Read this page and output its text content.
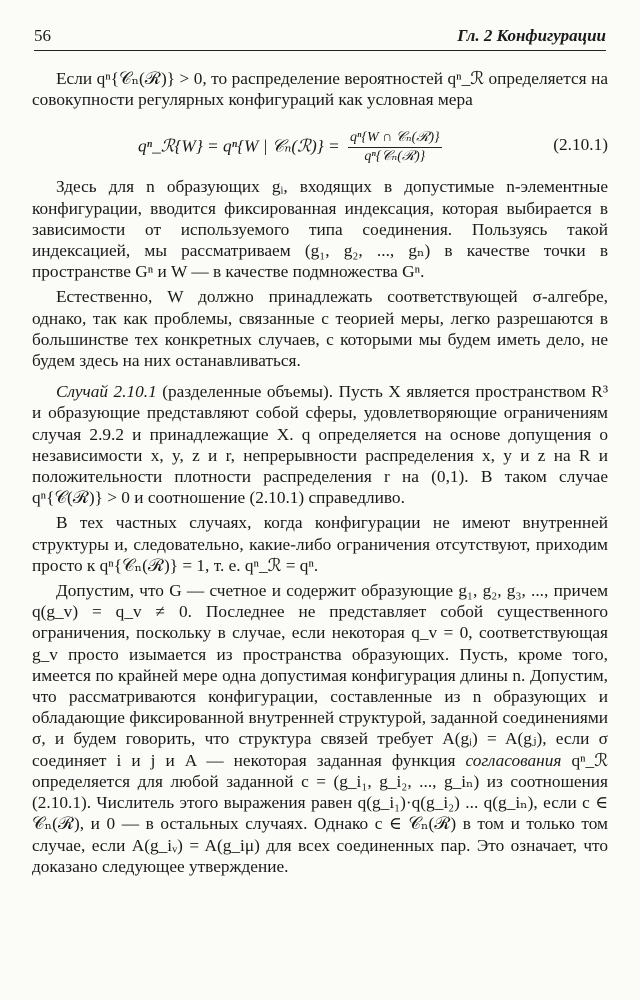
56	Гл. 2 Конфигурации

Если qⁿ{𝒞ₙ(ℛ)} > 0, то распределение вероятностей qⁿ_ℛ определяется на совокупности регулярных конфигураций как условная мера

qⁿ_ℛ{W} = qⁿ{W | 𝒞ₙ(ℛ)} = $\frac{\text{qⁿ\{W ∩ 𝒞ₙ(ℛ)\}}}{\text{qⁿ\{𝒞ₙ(ℛ)\}}}$	(2.10.1)

Здесь для n образующих gᵢ, входящих в допустимые n-элементные конфигурации, вводится фиксированная индексация, которая выбирается в зависимости от используемого типа соединения. Пользуясь такой индексацией, мы рассматриваем (g₁, g₂, ..., gₙ) в качестве точки в пространстве Gⁿ и W — в качестве подмножества Gⁿ.

Естественно, W должно принадлежать соответствующей σ-алгебре, однако, так как проблемы, связанные с теорией меры, легко разрешаются в большинстве тех конкретных случаев, с которыми мы будем иметь дело, не будем здесь на них останавливаться.

Случай 2.10.1 (разделенные объемы). Пусть X является пространством R³ и образующие представляют собой сферы, удовлетворяющие ограничениям случая 2.9.2 и принадлежащие X. q определяется на основе допущения о независимости x, y, z и r, непрерывности распределения x, y и z на R и положительности плотности распределения r на (0,1). В таком случае qⁿ{𝒞(ℛ)} > 0 и соотношение (2.10.1) справедливо.

В тех частных случаях, когда конфигурации не имеют внутренней структуры и, следовательно, какие-либо ограничения отсутствуют, приходим просто к qⁿ{𝒞ₙ(ℛ)} = 1, т. е. qⁿ_ℛ = qⁿ.

Допустим, что G — счетное и содержит образующие g₁, g₂, g₃, ..., причем q(g_v) = q_v ≠ 0. Последнее не представляет собой существенного ограничения, поскольку в случае, если некоторая q_v = 0, соответствующая g_v просто изымается из пространства образующих. Пусть, кроме того, имеется по крайней мере одна допустимая конфигурация длины n. Допустим, что рассматриваются конфигурации, составленные из n образующих и обладающие фиксированной внутренней структурой, заданной соединениями σ, и будем говорить, что структура связей требует A(gᵢ) = A(gⱼ), если σ соединяет i и j и A — некоторая заданная функция согласования qⁿ_ℛ определяется для любой заданной c = (g_i₁, g_i₂, ..., g_iₙ) из соотношения (2.10.1). Числитель этого выражения равен q(g_i₁)·q(g_i₂) ... q(g_iₙ), если c ∈ 𝒞ₙ(ℛ), и 0 — в остальных случаях. Однако c ∈ 𝒞ₙ(ℛ) в том и только том случае, если A(g_iᵥ) = A(g_iμ) для всех соединенных пар. Это означает, что доказано следующее утверждение.
